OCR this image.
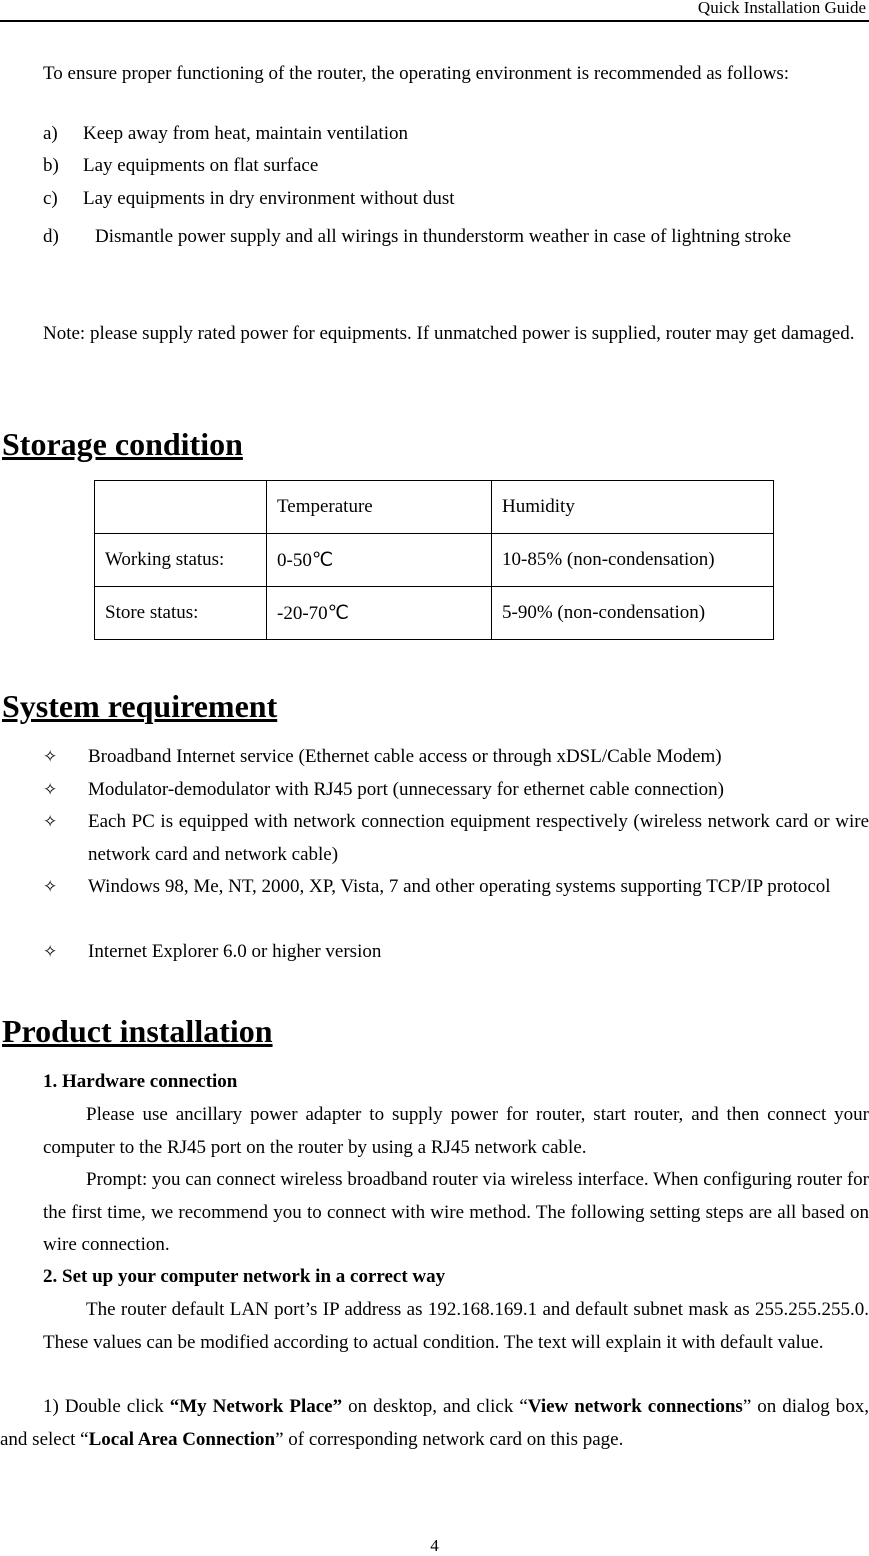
Quick Installation Guide

To ensure proper functioning of the router, the operating environment is recommended as follows:

a) Keep away from heat, maintain ventilation

b) Lay equipments on flat surface

c) Lay equipments in dry environment without dust

d) Dismantle power supply and all wirings in thunderstorm weather in case of lightning stroke

Note: please supply rated power for equipments. If unmatched power is supplied, router may get damaged.

Storage condition
	Temperature	Humidity
Working status:	0-50℃	10-85% (non-condensation)
Store status:	-20-70℃	5-90% (non-condensation)
System requirement
✧	Broadband Internet service (Ethernet cable access or through xDSL/Cable Modem)
✧	Modulator-demodulator with RJ45 port (unnecessary for ethernet cable connection)
✧	Each PC is equipped with network connection equipment respectively (wireless network card or wire network card and network cable)
✧	Windows 98, Me, NT, 2000, XP, Vista, 7 and other operating systems supporting TCP/IP protocol
✧	Internet Explorer 6.0 or higher version
Product installation

1. Hardware connection

Please use ancillary power adapter to supply power for router, start router, and then connect your computer to the RJ45 port on the router by using a RJ45 network cable.

Prompt: you can connect wireless broadband router via wireless interface. When configuring router for the first time, we recommend you to connect with wire method. The following setting steps are all based on wire connection.

2. Set up your computer network in a correct way

The router default LAN port’s IP address as 192.168.169.1 and default subnet mask as 255.255.255.0. These values can be modified according to actual condition. The text will explain it with default value.

1) Double click “My Network Place” on desktop, and click “View network connections” on dialog box, and select “Local Area Connection” of corresponding network card on this page.

4
